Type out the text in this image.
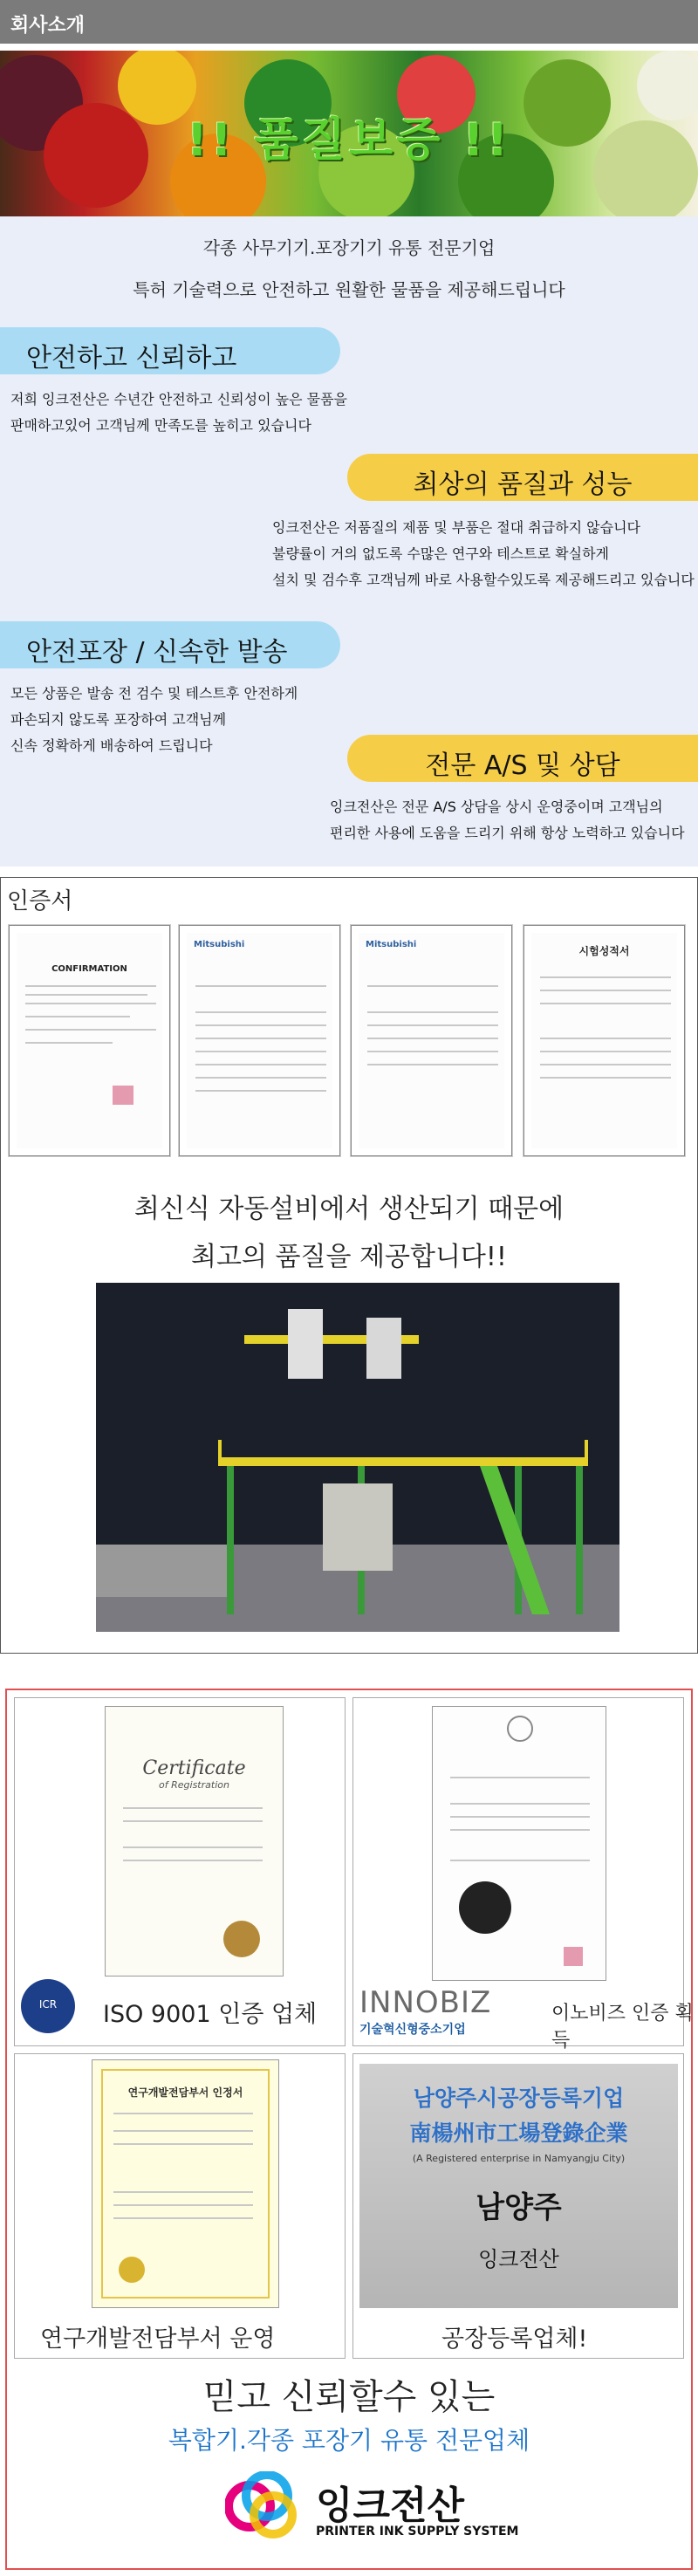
회사소개
!! 품질보증 !!
각종 사무기기.포장기기 유통 전문기업
특허 기술력으로 안전하고 원활한 물품을 제공해드립니다
안전하고 신뢰하고
저희 잉크전산은 수년간 안전하고 신뢰성이 높은 물품을
판매하고있어 고객님께 만족도를 높히고 있습니다
최상의 품질과 성능
잉크전산은 저품질의 제품 및 부품은 절대 취급하지 않습니다
불량률이 거의 없도록 수많은 연구와 테스트로 확실하게
설치 및 검수후 고객님께 바로 사용할수있도록 제공해드리고 있습니다
안전포장 / 신속한 발송
모든 상품은 발송 전 검수 및 테스트후 안전하게
파손되지 않도록 포장하여 고객님께
신속 정확하게 배송하여 드립니다
전문 A/S 및 상담
잉크전산은 전문 A/S 상담을 상시 운영중이며 고객님의
편리한 사용에 도움을 드리기 위해 항상 노력하고 있습니다
인증서
CONFIRMATION
Mitsubishi	Mitsubishi
시험성적서
최신식 자동설비에서 생산되기 때문에
최고의 품질을 제공합니다!!
Certificate
of Registration
ICR	ISO 9001 인증 업체 INNOBIZ
기술혁신형중소기업
이노비즈 인증 획득
연구개발전담부서 인정서
연구개발전담부서 운영
남양주시공장등록기업
南楊州市工場登錄企業
(A Registered enterprise in Namyangju City)
남양주
잉크전산
공장등록업체!
믿고 신뢰할수 있는
복합기.각종 포장기 유통 전문업체
잉크전산
PRINTER INK SUPPLY SYSTEM
